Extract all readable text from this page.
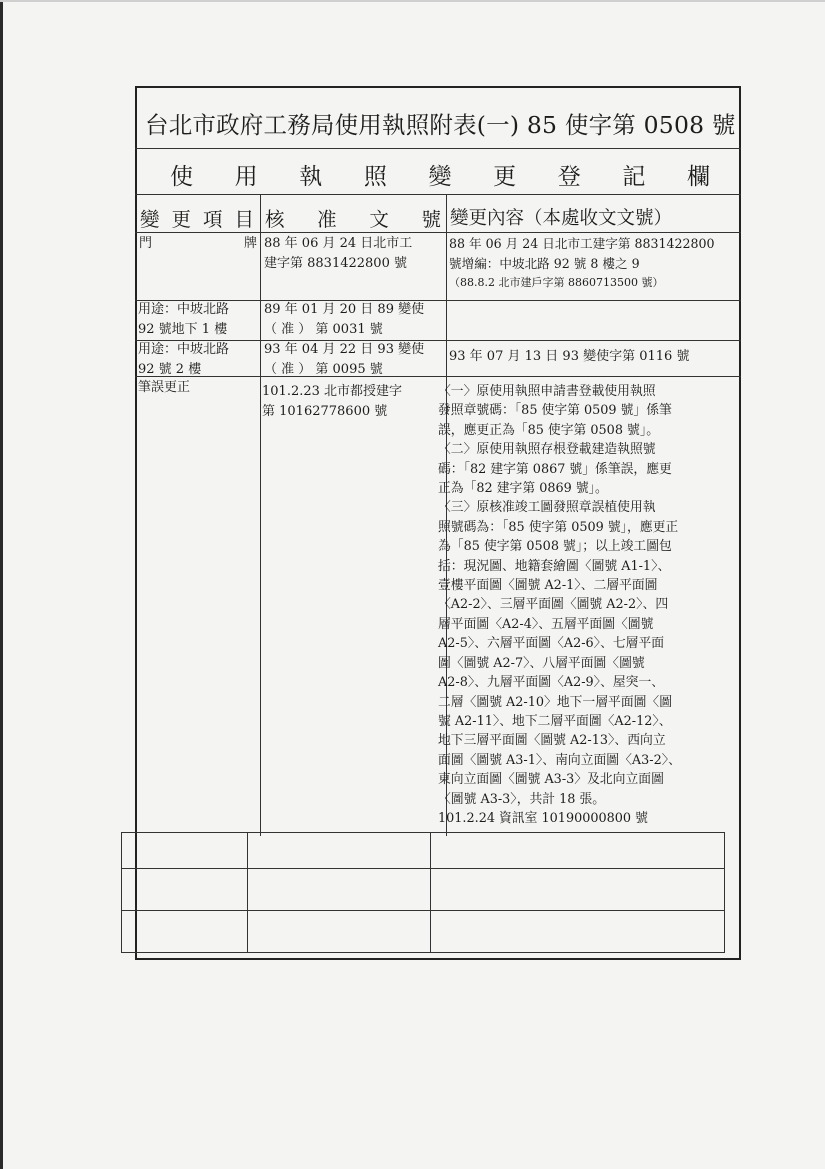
台北市政府工務局使用執照附表(一) 85 使字第 0508 號
使 用 執 照 變 更 登 記 欄
變 更 項 目 核 准 文 號 變更內容（本處收文文號）
門	牌 88 年 06 月 24 日北市工
建字第 8831422800 號
88 年 06 月 24 日北市工建字第 8831422800
號增編：中坡北路 92 號 8 樓之 9
（88.8.2 北市建戶字第 8860713500 號）
用途：中坡北路
92 號地下 1 樓
89 年 01 月 20 日 89 變使
（ 准 ） 第 0031 號
用途：中坡北路
92 號 2 樓
93 年 04 月 22 日 93 變使
（ 准 ） 第 0095 號
93 年 07 月 13 日 93 變使字第 0116 號
筆誤更正	101.2.23 北市都授建字
第 10162778600 號
〈一〉原使用執照申請書登載使用執照
發照章號碼：「85 使字第 0509 號」係筆
誤，應更正為「85 使字第 0508 號」。
〈二〉原使用執照存根登載建造執照號
碼：「82 建字第 0867 號」係筆誤，應更
正為「82 建字第 0869 號」。
〈三〉原核准竣工圖發照章誤植使用執
照號碼為：「85 使字第 0509 號」，應更正
為「85 使字第 0508 號」；以上竣工圖包
括：現況圖、地籍套繪圖〈圖號 A1-1〉、
壹樓平面圖〈圖號 A2-1〉、二層平面圖
〈A2-2〉、三層平面圖〈圖號 A2-2〉、四
層平面圖〈A2-4〉、五層平面圖〈圖號
A2-5〉、六層平面圖〈A2-6〉、七層平面
圖〈圖號 A2-7〉、八層平面圖〈圖號
A2-8〉、九層平面圖〈A2-9〉、屋突一、
二層〈圖號 A2-10〉地下一層平面圖〈圖
號 A2-11〉、地下二層平面圖〈A2-12〉、
地下三層平面圖〈圖號 A2-13〉、西向立
面圖〈圖號 A3-1〉、南向立面圖〈A3-2〉、
東向立面圖〈圖號 A3-3〉及北向立面圖
〈圖號 A3-3〉，共計 18 張。
101.2.24 資訊室 10190000800 號
